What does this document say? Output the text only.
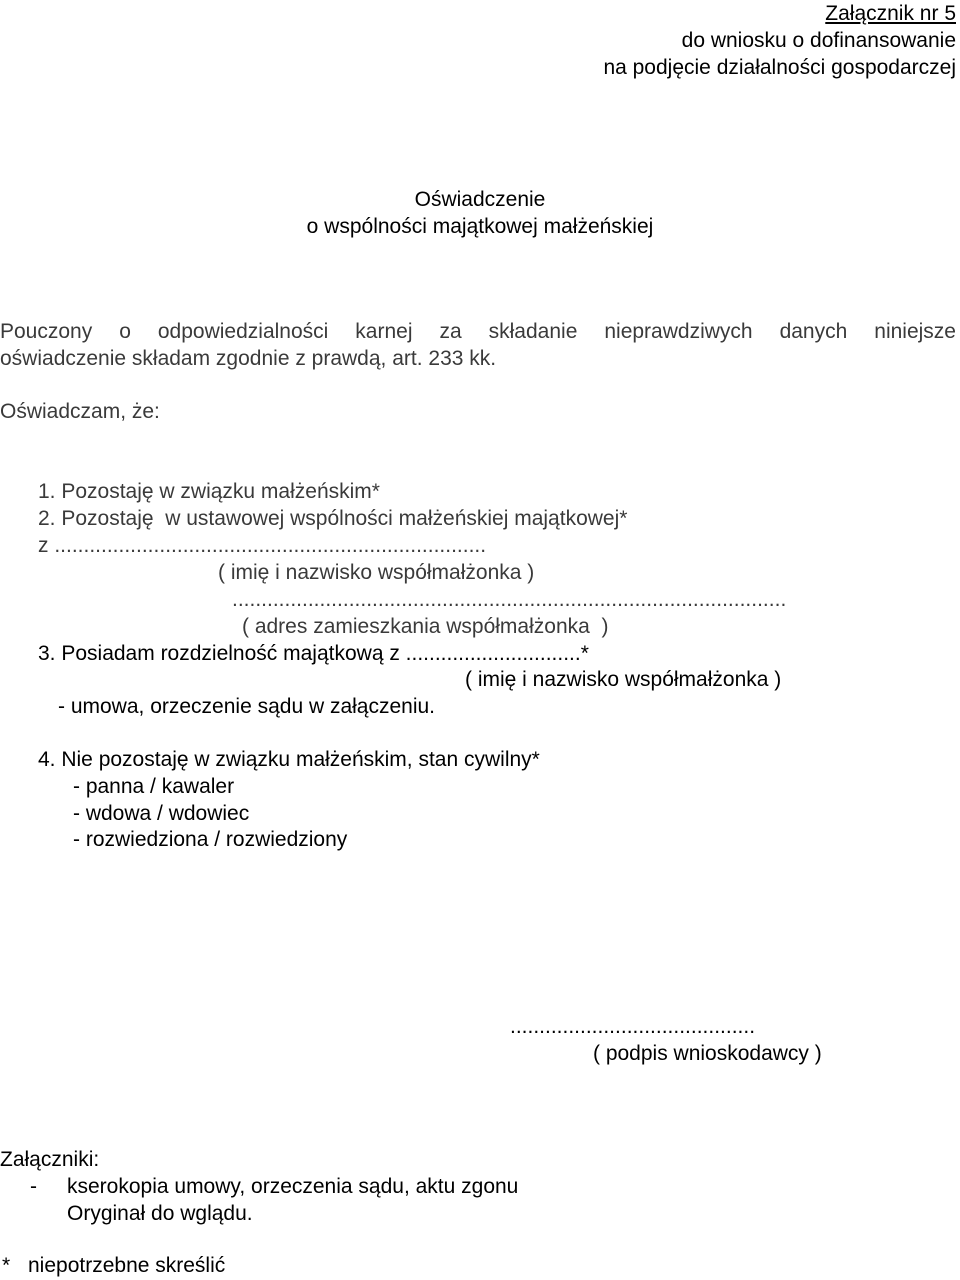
Załącznik nr 5
do wniosku o dofinansowanie
na podjęcie działalności gospodarczej
Oświadczenie
o wspólności majątkowej małżeńskiej
Pouczony o odpowiedzialności karnej za składanie nieprawdziwych danych niniejsze
oświadczenie składam zgodnie z prawdą, art. 233 kk.
Oświadczam, że:
1. Pozostaję w związku małżeńskim*
2. Pozostaję  w ustawowej wspólności małżeńskiej majątkowej*
z ..........................................................................
( imię i nazwisko współmałżonka )
...............................................................................................
( adres zamieszkania współmałżonka  )
3. Posiadam rozdzielność majątkową z ..............................*
( imię i nazwisko współmałżonka )
- umowa, orzeczenie sądu w załączeniu.
4. Nie pozostaję w związku małżeńskim, stan cywilny*
- panna / kawaler
- wdowa / wdowiec
- rozwiedziona / rozwiedziony
..........................................
( podpis wnioskodawcy )
Załączniki:
- kserokopia umowy, orzeczenia sądu, aktu zgonu
Oryginał do wglądu.
* niepotrzebne skreślić
